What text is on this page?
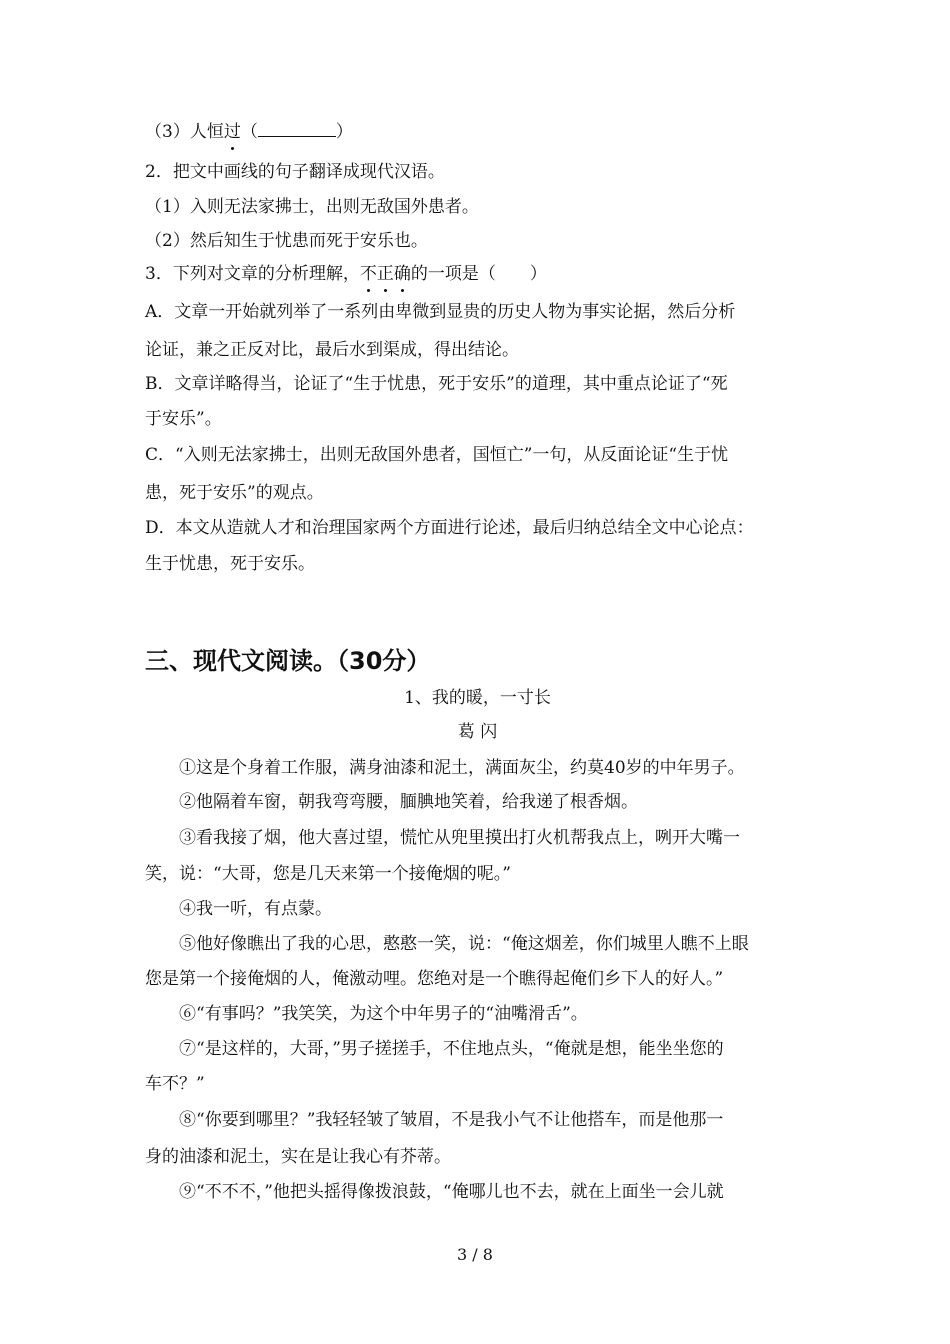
（3）人恒过（	）
2．把文中画线的句子翻译成现代汉语。
（1）入则无法家拂士，出则无敌国外患者。
（2）然后知生于忧患而死于安乐也。
3．下列对文章的分析理解，不正确的一项是（　　）
A．文章一开始就列举了一系列由卑微到显贵的历史人物为事实论据，然后分析
论证，兼之正反对比，最后水到渠成，得出结论。
B．文章详略得当，论证了“生于忧患，死于安乐”的道理，其中重点论证了“死
于安乐”。
C．“入则无法家拂士，出则无敌国外患者，国恒亡”一句，从反面论证“生于忧
患，死于安乐”的观点。
D．本文从造就人才和治理国家两个方面进行论述，最后归纳总结全文中心论点：
生于忧患，死于安乐。
三、现代文阅读。（30分）
1、我的暖，一寸长
葛 闪
①这是个身着工作服，满身油漆和泥土，满面灰尘，约莫40岁的中年男子。
②他隔着车窗，朝我弯弯腰，腼腆地笑着，给我递了根香烟。
③看我接了烟，他大喜过望，慌忙从兜里摸出打火机帮我点上，咧开大嘴一
笑，说：“大哥，您是几天来第一个接俺烟的呢。”
④我一听，有点蒙。
⑤他好像瞧出了我的心思，憨憨一笑，说：“俺这烟差，你们城里人瞧不上眼
您是第一个接俺烟的人，俺激动哩。您绝对是一个瞧得起俺们乡下人的好人。”
⑥“有事吗？”我笑笑，为这个中年男子的“油嘴滑舌”。
⑦“是这样的，大哥，”男子搓搓手，不住地点头，“俺就是想，能坐坐您的
车不？”
⑧“你要到哪里？”我轻轻皱了皱眉，不是我小气不让他搭车，而是他那一
身的油漆和泥土，实在是让我心有芥蒂。
⑨“不不不，”他把头摇得像拨浪鼓，“俺哪儿也不去，就在上面坐一会儿就
3 / 8
